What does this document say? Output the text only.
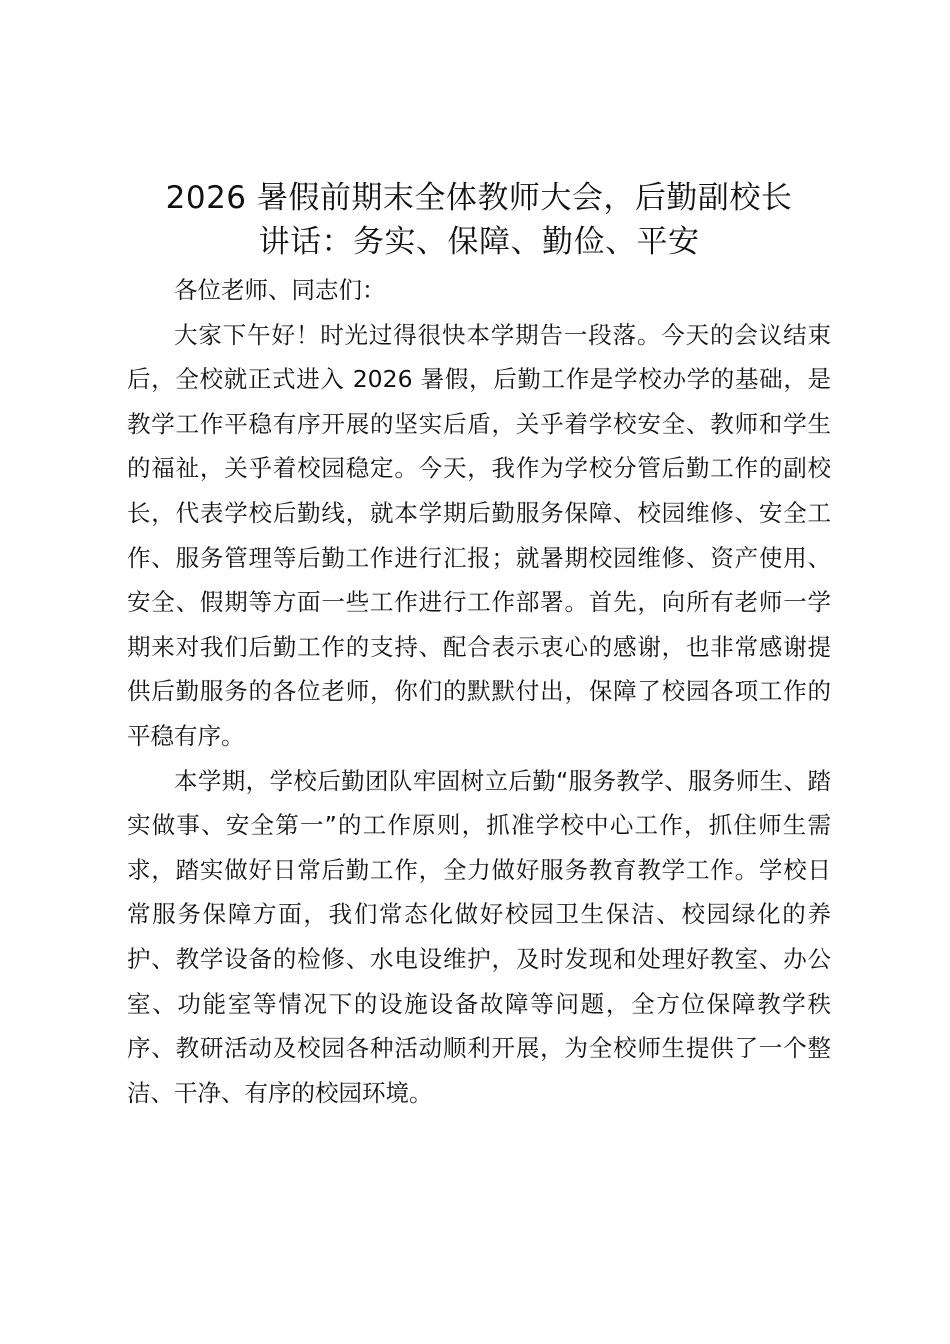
2026 暑假前期末全体教师大会，后勤副校长
讲话：务实、保障、勤俭、平安

各位老师、同志们：

大家下午好！时光过得很快本学期告一段落。今天的会议结束后，全校就正式进入 2026 暑假，后勤工作是学校办学的基础，是教学工作平稳有序开展的坚实后盾，关乎着学校安全、教师和学生的福祉，关乎着校园稳定。今天，我作为学校分管后勤工作的副校长，代表学校后勤线，就本学期后勤服务保障、校园维修、安全工作、服务管理等后勤工作进行汇报；就暑期校园维修、资产使用、安全、假期等方面一些工作进行工作部署。首先，向所有老师一学期来对我们后勤工作的支持、配合表示衷心的感谢，也非常感谢提供后勤服务的各位老师，你们的默默付出，保障了校园各项工作的平稳有序。

本学期，学校后勤团队牢固树立后勤“服务教学、服务师生、踏实做事、安全第一”的工作原则，抓准学校中心工作，抓住师生需求，踏实做好日常后勤工作，全力做好服务教育教学工作。学校日常服务保障方面，我们常态化做好校园卫生保洁、校园绿化的养护、教学设备的检修、水电设维护，及时发现和处理好教室、办公室、功能室等情况下的设施设备故障等问题，全方位保障教学秩序、教研活动及校园各种活动顺利开展，为全校师生提供了一个整洁、干净、有序的校园环境。
